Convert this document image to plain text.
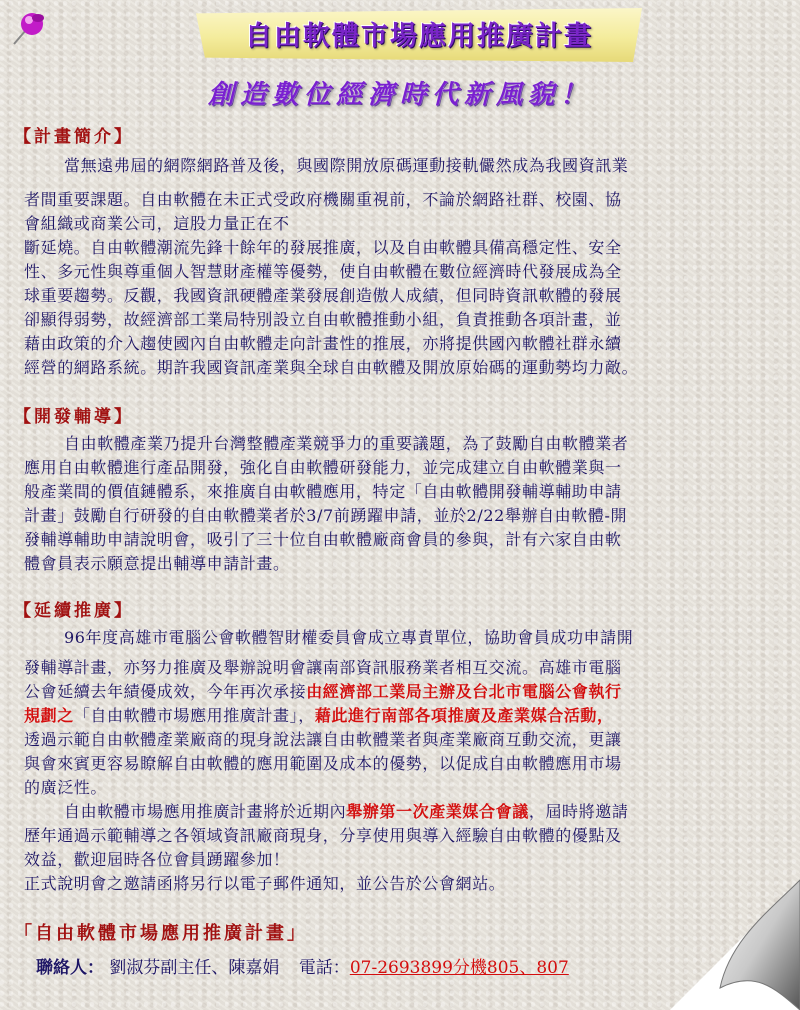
自由軟體市場應用推廣計畫
創造數位經濟時代新風貌！
【計畫簡介】
當無遠弗屆的網際網路普及後，與國際開放原碼運動接軌儼然成為我國資訊業
者間重要課題。自由軟體在未正式受政府機關重視前，不論於網路社群、校園、協
會組織或商業公司，這股力量正在不
斷延燒。自由軟體潮流先鋒十餘年的發展推廣，以及自由軟體具備高穩定性、安全
性、多元性與尊重個人智慧財產權等優勢，使自由軟體在數位經濟時代發展成為全
球重要趨勢。反觀，我國資訊硬體產業發展創造傲人成績，但同時資訊軟體的發展
卻顯得弱勢，故經濟部工業局特別設立自由軟體推動小組，負責推動各項計畫，並
藉由政策的介入趨使國內自由軟體走向計畫性的推展，亦將提供國內軟體社群永續
經營的網路系統。期許我國資訊產業與全球自由軟體及開放原始碼的運動勢均力敵。
【開發輔導】
自由軟體產業乃提升台灣整體產業競爭力的重要議題，為了鼓勵自由軟體業者
應用自由軟體進行產品開發，強化自由軟體研發能力，並完成建立自由軟體業與一
般產業間的價值鏈體系，來推廣自由軟體應用，特定「自由軟體開發輔導輔助申請
計畫」鼓勵自行研發的自由軟體業者於3/7前踴躍申請，並於2/22舉辦自由軟體-開
發輔導輔助申請說明會，吸引了三十位自由軟體廠商會員的參與，計有六家自由軟
體會員表示願意提出輔導申請計畫。
【延續推廣】
96年度高雄市電腦公會軟體智財權委員會成立專責單位，協助會員成功申請開
發輔導計畫，亦努力推廣及舉辦說明會讓南部資訊服務業者相互交流。高雄市電腦
公會延續去年績優成效，今年再次承接由經濟部工業局主辦及台北市電腦公會執行
規劃之「自由軟體市場應用推廣計畫」，藉此進行南部各項推廣及產業媒合活動，
透過示範自由軟體產業廠商的現身說法讓自由軟體業者與產業廠商互動交流，更讓
與會來賓更容易瞭解自由軟體的應用範圍及成本的優勢，以促成自由軟體應用市場
的廣泛性。
自由軟體市場應用推廣計畫將於近期內舉辦第一次產業媒合會議，屆時將邀請
歷年通過示範輔導之各領域資訊廠商現身，分享使用與導入經驗自由軟體的優點及
效益，歡迎屆時各位會員踴躍參加！
正式說明會之邀請函將另行以電子郵件通知，並公告於公會網站。
「自由軟體市場應用推廣計畫」
聯絡人： 劉淑芬副主任、陳嘉娟 電話：07-2693899分機805、807
